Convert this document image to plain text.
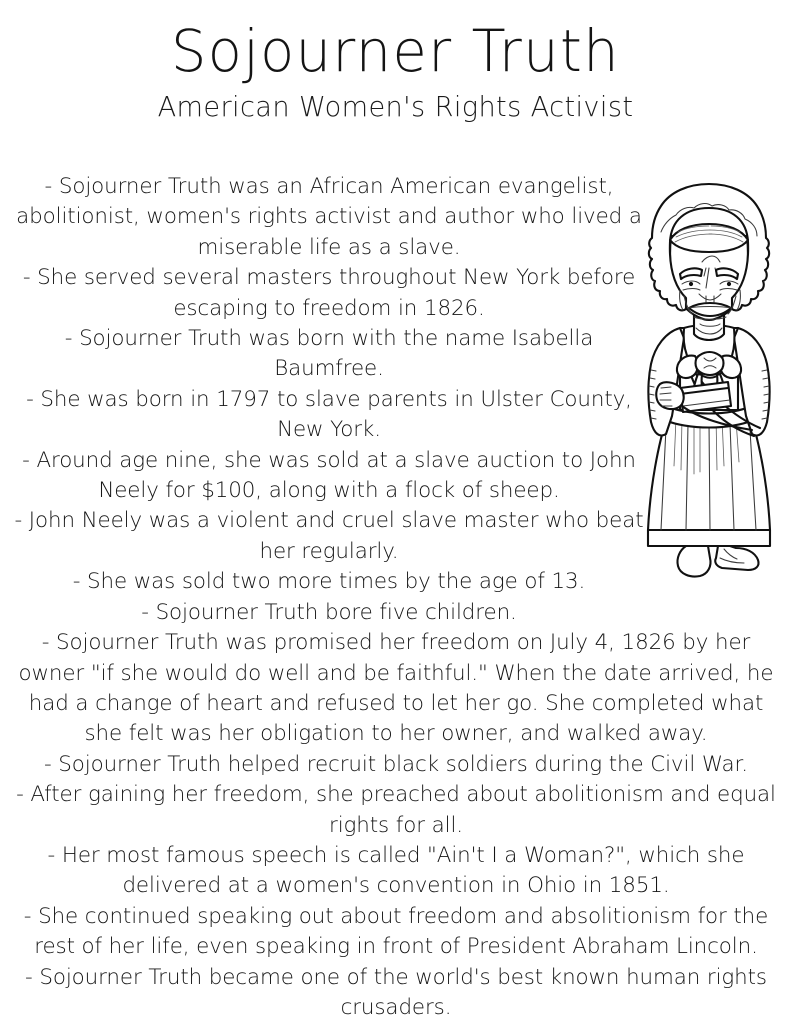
Sojourner Truth
American Women's Rights Activist

- Sojourner Truth was an African American evangelist, abolitionist, women's rights activist and author who lived a miserable life as a slave.

- She served several masters throughout New York before escaping to freedom in 1826.

- Sojourner Truth was born with the name Isabella Baumfree.

- She was born in 1797 to slave parents in Ulster County, New York.

- Around age nine, she was sold at a slave auction to John Neely for $100, along with a flock of sheep.

- John Neely was a violent and cruel slave master who beat her regularly.

- She was sold two more times by the age of 13.

- Sojourner Truth bore five children.

- Sojourner Truth was promised her freedom on July 4, 1826 by her owner "if she would do well and be faithful." When the date arrived, he had a change of heart and refused to let her go. She completed what she felt was her obligation to her owner, and walked away.

- Sojourner Truth helped recruit black soldiers during the Civil War.

- After gaining her freedom, she preached about abolitionism and equal rights for all.

- Her most famous speech is called "Ain't I a Woman?", which she delivered at a women's convention in Ohio in 1851.

- She continued speaking out about freedom and absolitionism for the rest of her life, even speaking in front of President Abraham Lincoln.

- Sojourner Truth became one of the world's best known human rights crusaders.
